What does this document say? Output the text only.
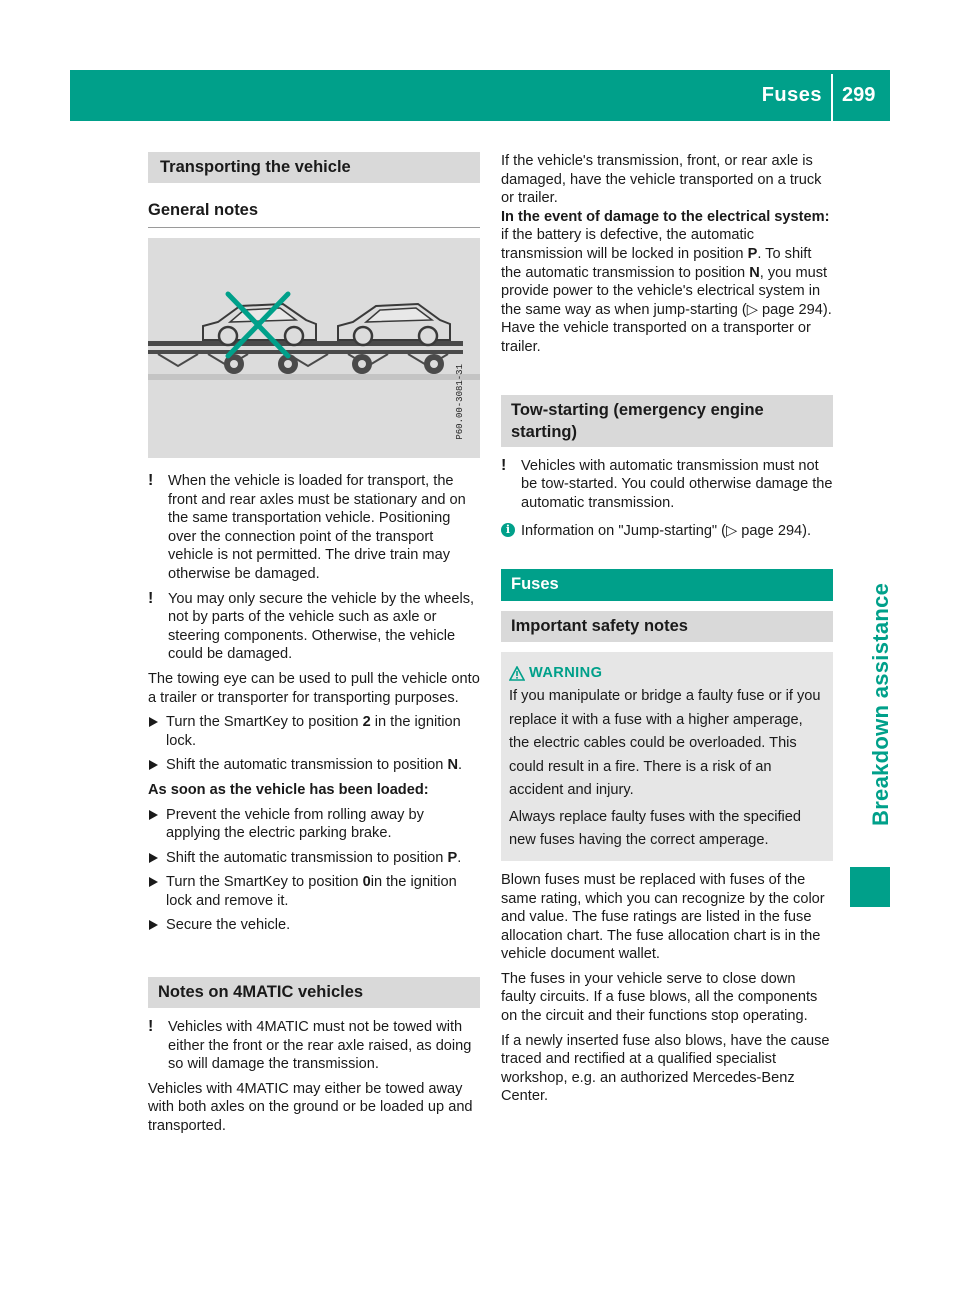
Fuses 299
Breakdown assistance
Transporting the vehicle
General notes
P60.00-3081-31

! When the vehicle is loaded for transport, the front and rear axles must be stationary and on the same transportation vehicle. Positioning over the connection point of the transport vehicle is not permitted. The drive train may otherwise be damaged.

! You may only secure the vehicle by the wheels, not by parts of the vehicle such as axle or steering components. Otherwise, the vehicle could be damaged.

The towing eye can be used to pull the vehicle onto a trailer or transporter for transporting purposes.

Turn the SmartKey to position 2 in the ignition lock.

Shift the automatic transmission to position N.

As soon as the vehicle has been loaded:

Prevent the vehicle from rolling away by applying the electric parking brake.

Shift the automatic transmission to position P.

Turn the SmartKey to position 0in the ignition lock and remove it.

Secure the vehicle.

Notes on 4MATIC vehicles

! Vehicles with 4MATIC must not be towed with either the front or the rear axle raised, as doing so will damage the transmission.

Vehicles with 4MATIC may either be towed away with both axles on the ground or be loaded up and transported.

If the vehicle's transmission, front, or rear axle is damaged, have the vehicle transported on a truck or trailer.

In the event of damage to the electrical system: if the battery is defective, the automatic transmission will be locked in position P. To shift the automatic transmission to position N, you must provide power to the vehicle's electrical system in the same way as when jump-starting (▷ page 294).

Have the vehicle transported on a transporter or trailer.

Tow-starting (emergency engine starting)

! Vehicles with automatic transmission must not be tow-started. You could otherwise damage the automatic transmission.

i Information on "Jump-starting" (▷ page 294).

Fuses
Important safety notes
WARNING

If you manipulate or bridge a faulty fuse or if you replace it with a fuse with a higher amperage, the electric cables could be overloaded. This could result in a fire. There is a risk of an accident and injury.

Always replace faulty fuses with the specified new fuses having the correct amperage.

Blown fuses must be replaced with fuses of the same rating, which you can recognize by the color and value. The fuse ratings are listed in the fuse allocation chart. The fuse allocation chart is in the vehicle document wallet.

The fuses in your vehicle serve to close down faulty circuits. If a fuse blows, all the components on the circuit and their functions stop operating.

If a newly inserted fuse also blows, have the cause traced and rectified at a qualified specialist workshop, e.g. an authorized Mercedes-Benz Center.
